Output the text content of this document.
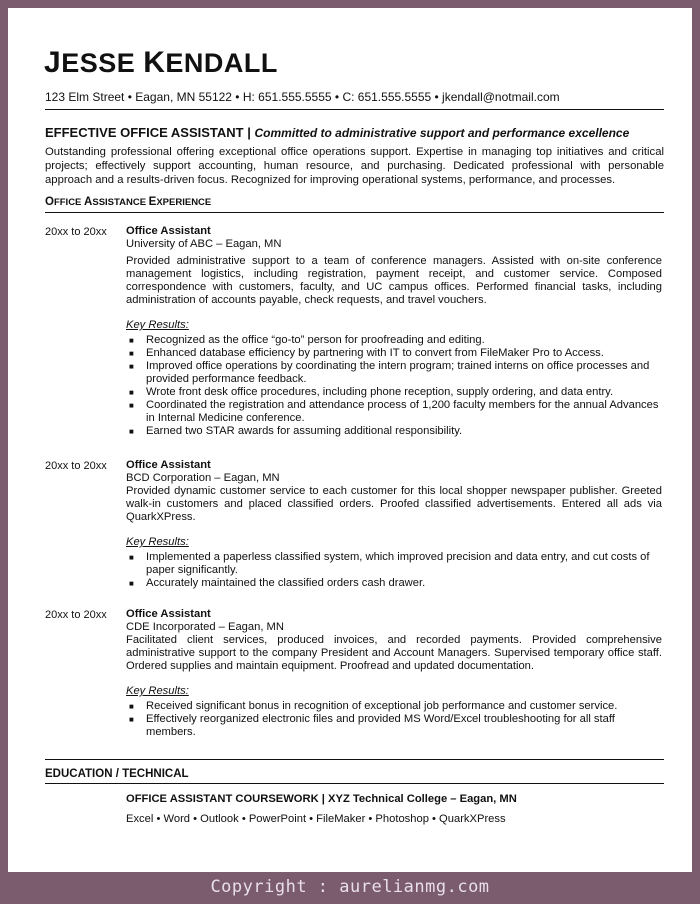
JESSE KENDALL
123 Elm Street • Eagan, MN 55122 • H: 651.555.5555 • C: 651.555.5555 • jkendall@notmail.com
EFFECTIVE OFFICE ASSISTANT | Committed to administrative support and performance excellence
Outstanding professional offering exceptional office operations support. Expertise in managing top initiatives and critical projects; effectively support accounting, human resource, and purchasing. Dedicated professional with personable approach and a results-driven focus. Recognized for improving operational systems, performance, and processes.
OFFICE ASSISTANCE EXPERIENCE
20xx to 20xx Office Assistant
University of ABC – Eagan, MN
Provided administrative support to a team of conference managers. Assisted with on-site conference management logistics, including registration, payment receipt, and customer service. Composed correspondence with customers, faculty, and UC campus offices. Performed financial tasks, including administration of accounts payable, check requests, and travel vouchers.
Key Results:
■ Recognized as the office “go-to” person for proofreading and editing.
■ Enhanced database efficiency by partnering with IT to convert from FileMaker Pro to Access.
■ Improved office operations by coordinating the intern program; trained interns on office processes and provided performance feedback.
■ Wrote front desk office procedures, including phone reception, supply ordering, and data entry.
■ Coordinated the registration and attendance process of 1,200 faculty members for the annual Advances in Internal Medicine conference.
■ Earned two STAR awards for assuming additional responsibility.
20xx to 20xx Office Assistant
BCD Corporation – Eagan, MN
Provided dynamic customer service to each customer for this local shopper newspaper publisher. Greeted walk-in customers and placed classified orders. Proofed classified advertisements. Entered all ads via QuarkXPress.
Key Results:
■ Implemented a paperless classified system, which improved precision and data entry, and cut costs of paper significantly.
■ Accurately maintained the classified orders cash drawer.
20xx to 20xx Office Assistant
CDE Incorporated – Eagan, MN
Facilitated client services, produced invoices, and recorded payments. Provided comprehensive administrative support to the company President and Account Managers. Supervised temporary office staff. Ordered supplies and maintain equipment. Proofread and updated documentation.
Key Results:
■ Received significant bonus in recognition of exceptional job performance and customer service.
■ Effectively reorganized electronic files and provided MS Word/Excel troubleshooting for all staff members.
EDUCATION / TECHNICAL
OFFICE ASSISTANT COURSEWORK | XYZ Technical College – Eagan, MN
Excel • Word • Outlook • PowerPoint • FileMaker • Photoshop • QuarkXPress
Copyright : aurelianmg.com
